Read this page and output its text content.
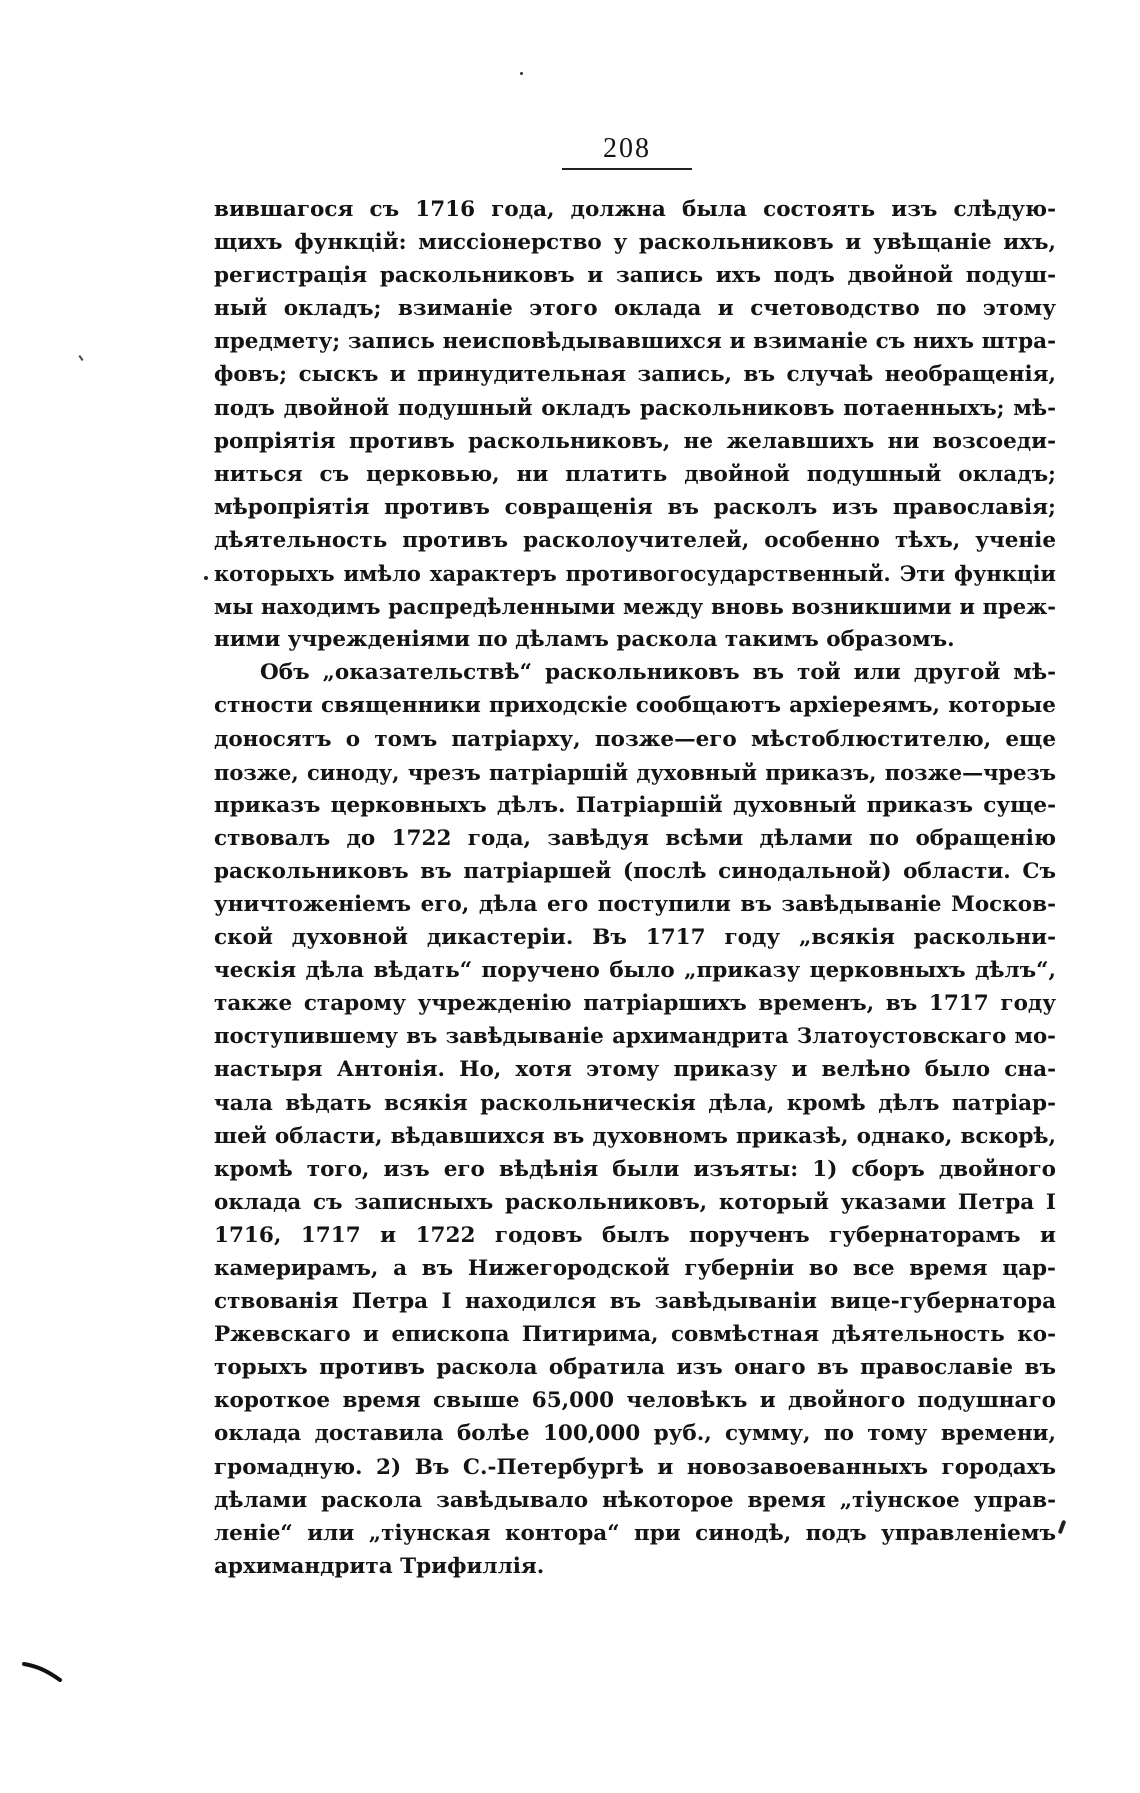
208
вившагося съ 1716 года, должна была состоять изъ слѣдую-
щихъ функцій: миссіонерство у раскольниковъ и увѣщаніе ихъ,
регистрація раскольниковъ и запись ихъ подъ двойной подуш-
ный окладъ; взиманіе этого оклада и счетоводство по этому
предмету; запись неисповѣдывавшихся и взиманіе съ нихъ штра-
фовъ; сыскъ и принудительная запись, въ случаѣ необращенія,
подъ двойной подушный окладъ раскольниковъ потаенныхъ; мѣ-
ропріятія противъ раскольниковъ, не желавшихъ ни возсоеди-
ниться съ церковью, ни платить двойной подушный окладъ;
мѣропріятія противъ совращенія въ расколъ изъ православія;
дѣятельность противъ расколоучителей, особенно тѣхъ, ученіе
которыхъ имѣло характеръ противогосударственный. Эти функціи
мы находимъ распредѣленными между вновь возникшими и преж-
ними учрежденіями по дѣламъ раскола такимъ образомъ.
Объ „оказательствѣ“ раскольниковъ въ той или другой мѣ-
стности священники приходскіе сообщаютъ архіереямъ, которые
доносятъ о томъ патріарху, позже—его мѣстоблюстителю, еще
позже, синоду, чрезъ патріаршій духовный приказъ, позже—чрезъ
приказъ церковныхъ дѣлъ. Патріаршій духовный приказъ суще-
ствовалъ до 1722 года, завѣдуя всѣми дѣлами по обращенію
раскольниковъ въ патріаршей (послѣ синодальной) области. Съ
уничтоженіемъ его, дѣла его поступили въ завѣдываніе Москов-
ской духовной дикастеріи. Въ 1717 году „всякія раскольни-
ческія дѣла вѣдать“ поручено было „приказу церковныхъ дѣлъ“,
также старому учрежденію патріаршихъ временъ, въ 1717 году
поступившему въ завѣдываніе архимандрита Златоустовскаго мо-
настыря Антонія. Но, хотя этому приказу и велѣно было сна-
чала вѣдать всякія раскольническія дѣла, кромѣ дѣлъ патріар-
шей области, вѣдавшихся въ духовномъ приказѣ, однако, вскорѣ,
кромѣ того, изъ его вѣдѣнія были изъяты: 1) сборъ двойного
оклада съ записныхъ раскольниковъ, который указами Петра I
1716, 1717 и 1722 годовъ былъ порученъ губернаторамъ и
камерирамъ, а въ Нижегородской губерніи во все время цар-
ствованія Петра I находился въ завѣдываніи вице-губернатора
Ржевскаго и епископа Питирима, совмѣстная дѣятельность ко-
торыхъ противъ раскола обратила изъ онаго въ православіе въ
короткое время свыше 65,000 человѣкъ и двойного подушнаго
оклада доставила болѣе 100,000 руб., сумму, по тому времени,
громадную. 2) Въ С.-Петербургѣ и новозавоеванныхъ городахъ
дѣлами раскола завѣдывало нѣкоторое время „тіунское управ-
леніе“ или „тіунская контора“ при синодѣ, подъ управленіемъ
архимандрита Трифиллія.
